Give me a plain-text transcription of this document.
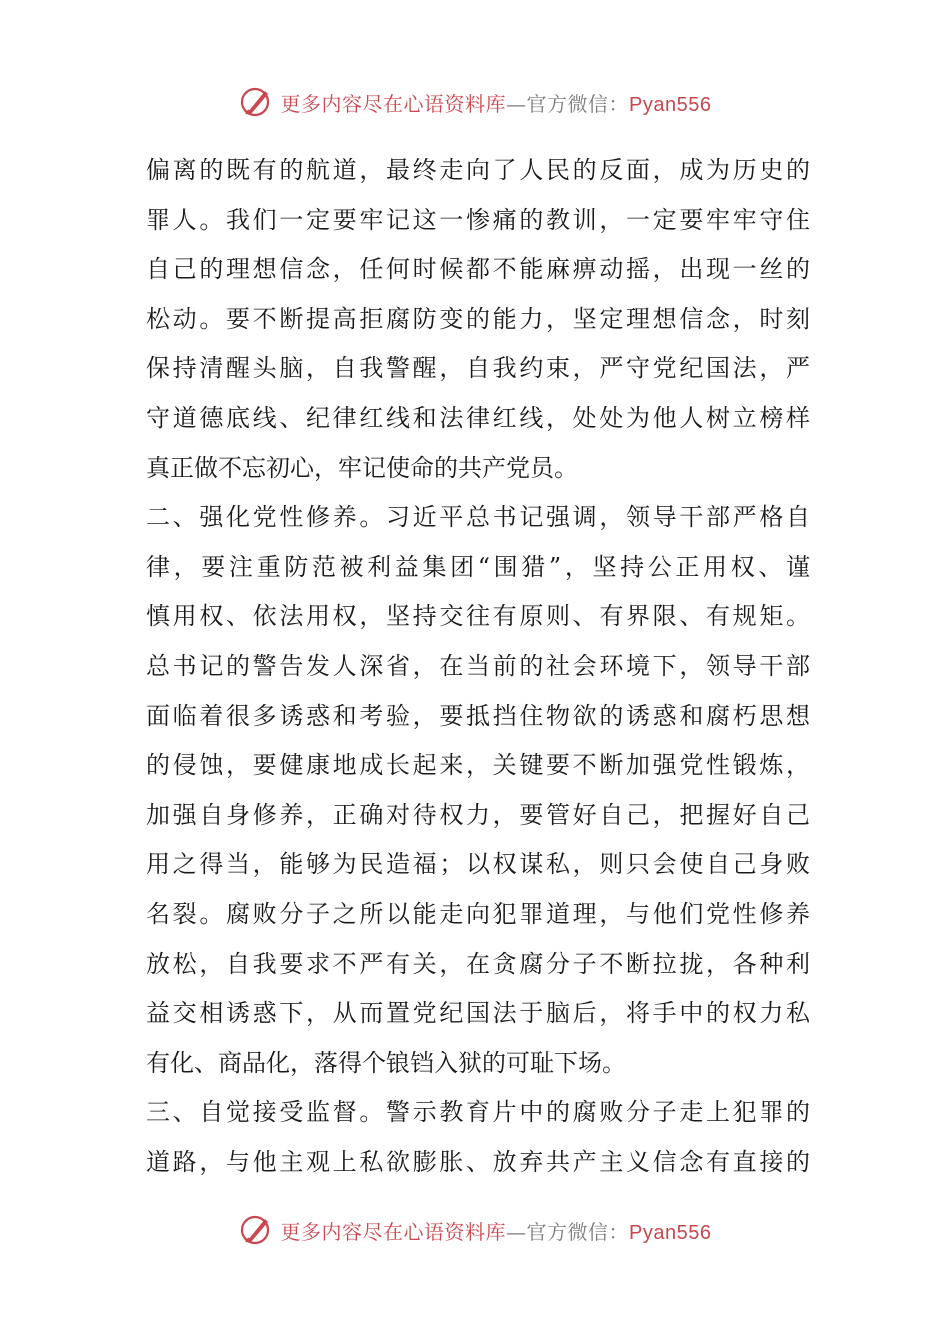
更多内容尽在心语资料库—官方微信：Pyan556
偏离的既有的航道，最终走向了人民的反面，成为历史的
罪人。我们一定要牢记这一惨痛的教训，一定要牢牢守住
自己的理想信念，任何时候都不能麻痹动摇，出现一丝的
松动。要不断提高拒腐防变的能力，坚定理想信念，时刻
保持清醒头脑，自我警醒，自我约束，严守党纪国法，严
守道德底线、纪律红线和法律红线，处处为他人树立榜样
真正做不忘初心，牢记使命的共产党员。
二、强化党性修养。习近平总书记强调，领导干部严格自
律，要注重防范被利益集团“围猎”，坚持公正用权、谨
慎用权、依法用权，坚持交往有原则、有界限、有规矩。
总书记的警告发人深省，在当前的社会环境下，领导干部
面临着很多诱惑和考验，要抵挡住物欲的诱惑和腐朽思想
的侵蚀，要健康地成长起来，关键要不断加强党性锻炼，
加强自身修养，正确对待权力，要管好自己，把握好自己
用之得当，能够为民造福；以权谋私，则只会使自己身败
名裂。腐败分子之所以能走向犯罪道理，与他们党性修养
放松，自我要求不严有关，在贪腐分子不断拉拢，各种利
益交相诱惑下，从而置党纪国法于脑后，将手中的权力私
有化、商品化，落得个锒铛入狱的可耻下场。
三、自觉接受监督。警示教育片中的腐败分子走上犯罪的
道路，与他主观上私欲膨胀、放弃共产主义信念有直接的
更多内容尽在心语资料库—官方微信：Pyan556
